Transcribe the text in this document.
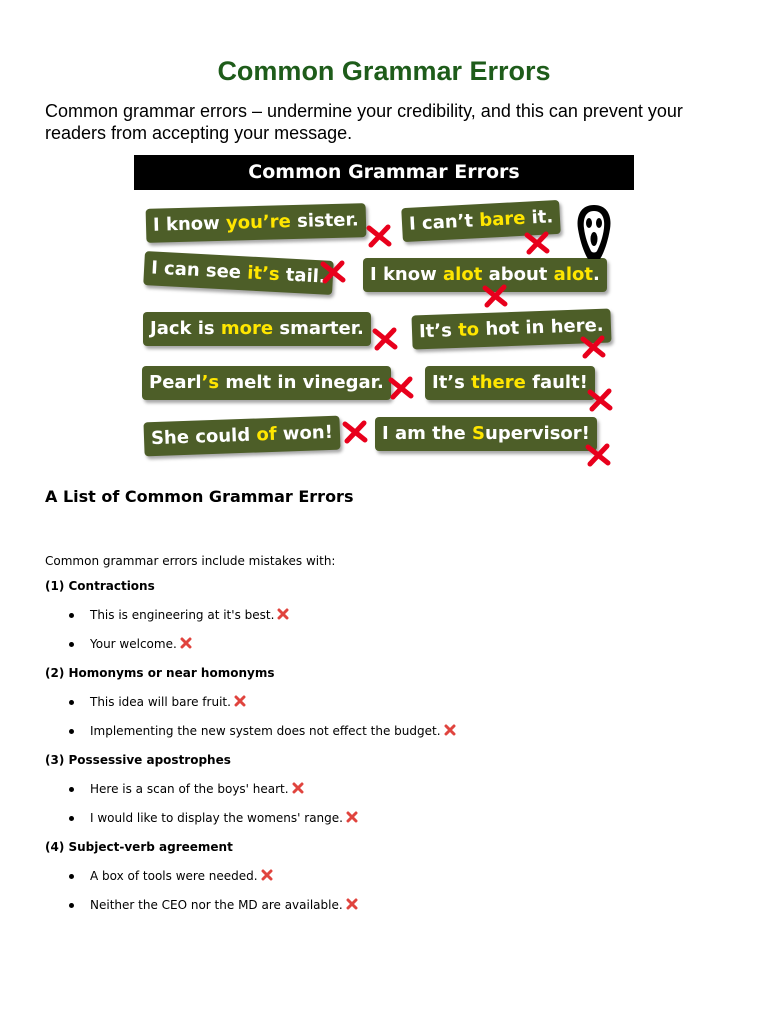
Common Grammar Errors
Common grammar errors – undermine your credibility, and this can prevent your readers from accepting your message.
Common Grammar Errors
I know you’re sister.	I can’t bare it.
I can see it’s tail.	I know alot about alot.
Jack is more smarter.	It’s to hot in here.
Pearl’s melt in vinegar.	It’s there fault!
She could of won!	I am the Supervisor!
A List of Common Grammar Errors

Common grammar errors include mistakes with:

(1) Contractions

This is engineering at it's best.
Your welcome.

(2) Homonyms or near homonyms

This idea will bare fruit.
Implementing the new system does not effect the budget.

(3) Possessive apostrophes

Here is a scan of the boys' heart.
I would like to display the womens' range.

(4) Subject-verb agreement

A box of tools were needed.
Neither the CEO nor the MD are available.
